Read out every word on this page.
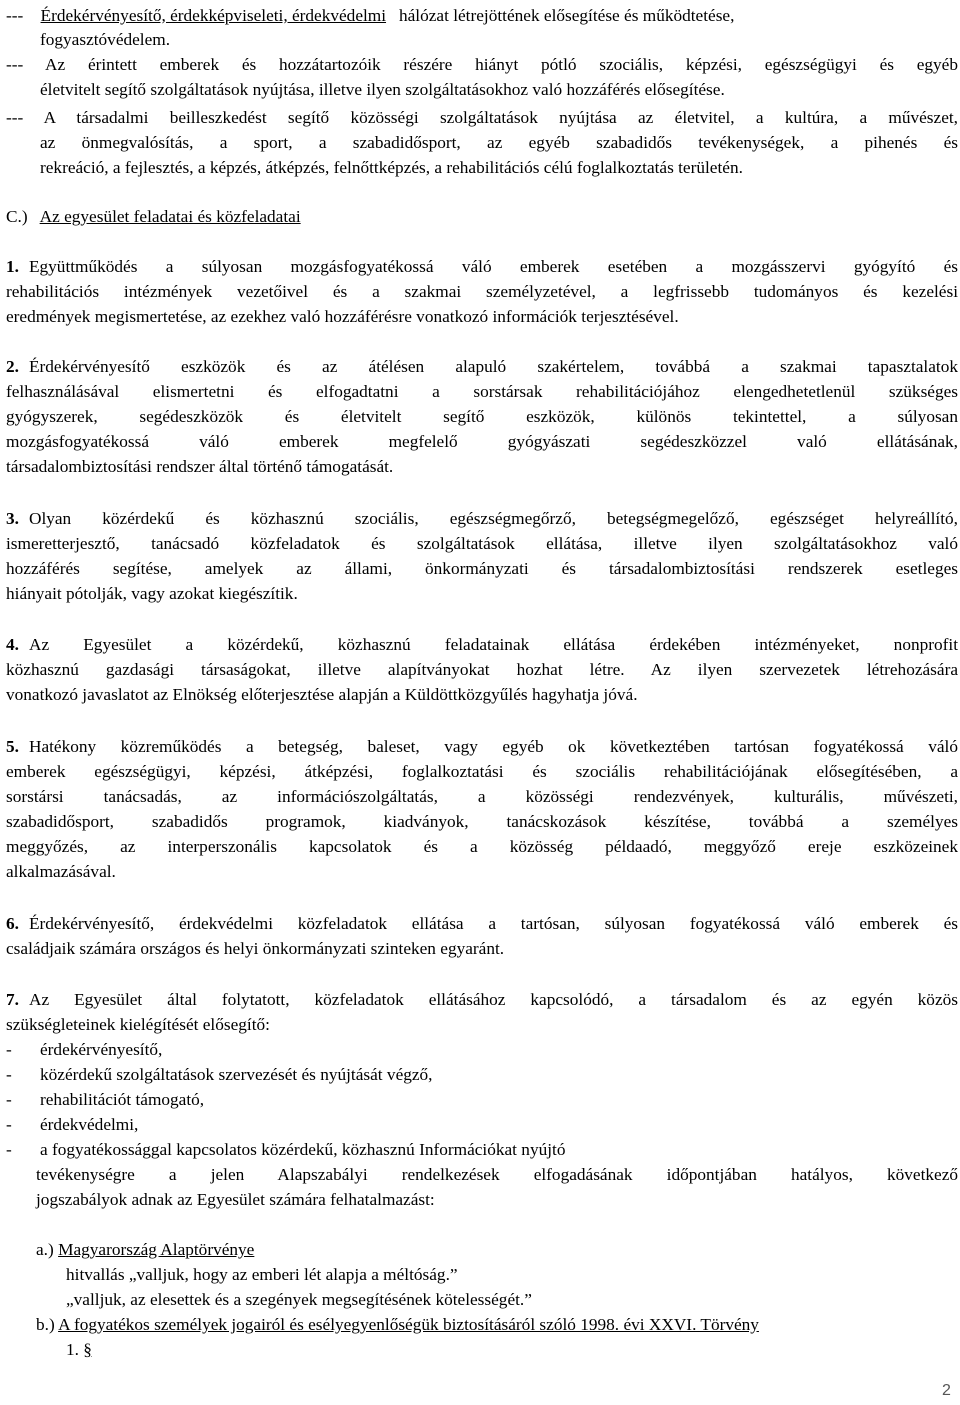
--- Érdekérvényesítő, érdekképviseleti, érdekvédelmi hálózat létrejöttének elősegítése és működtetése,
fogyasztóvédelem.
--- Az érintett emberek és hozzátartozóik részére hiányt pótló szociális, képzési, egészségügyi és egyéb
életvitelt segítő szolgáltatások nyújtása, illetve ilyen szolgáltatásokhoz való hozzáférés elősegítése.
--- A társadalmi beilleszkedést segítő közösségi szolgáltatások nyújtása az életvitel, a kultúra, a művészet,
az önmegvalósítás, a sport, a szabadidősport, az egyéb szabadidős tevékenységek, a pihenés és
rekreáció, a fejlesztés, a képzés, átképzés, felnőttképzés, a rehabilitációs célú foglalkoztatás területén.
C.) Az egyesület feladatai és közfeladatai
1. Együttműködés a súlyosan mozgásfogyatékossá váló emberek esetében a mozgásszervi gyógyító és
rehabilitációs intézmények vezetőivel és a szakmai személyzetével, a legfrissebb tudományos és kezelési
eredmények megismertetése, az ezekhez való hozzáférésre vonatkozó információk terjesztésével.
2. Érdekérvényesítő eszközök és az átélésen alapuló szakértelem, továbbá a szakmai tapasztalatok
felhasználásával elismertetni és elfogadtatni a sorstársak rehabilitációjához elengedhetetlenül szükséges
gyógyszerek, segédeszközök és életvitelt segítő eszközök, különös tekintettel, a súlyosan
mozgásfogyatékossá váló emberek megfelelő gyógyászati segédeszközzel való ellátásának,
társadalombiztosítási rendszer által történő támogatását.
3. Olyan közérdekű és közhasznú szociális, egészségmegőrző, betegségmegelőző, egészséget helyreállító,
ismeretterjesztő, tanácsadó közfeladatok és szolgáltatások ellátása, illetve ilyen szolgáltatásokhoz való
hozzáférés segítése, amelyek az állami, önkormányzati és társadalombiztosítási rendszerek esetleges
hiányait pótolják, vagy azokat kiegészítik.
4. Az Egyesület a közérdekű, közhasznú feladatainak ellátása érdekében intézményeket, nonprofit
közhasznú gazdasági társaságokat, illetve alapítványokat hozhat létre. Az ilyen szervezetek létrehozására
vonatkozó javaslatot az Elnökség előterjesztése alapján a Küldöttközgyűlés hagyhatja jóvá.
5. Hatékony közreműködés a betegség, baleset, vagy egyéb ok következtében tartósan fogyatékossá váló
emberek egészségügyi, képzési, átképzési, foglalkoztatási és szociális rehabilitációjának elősegítésében, a
sorstársi tanácsadás, az információszolgáltatás, a közösségi rendezvények, kulturális, művészeti,
szabadidősport, szabadidős programok, kiadványok, tanácskozások készítése, továbbá a személyes
meggyőzés, az interperszonális kapcsolatok és a közösség példaadó, meggyőző ereje eszközeinek
alkalmazásával.
6. Érdekérvényesítő, érdekvédelmi közfeladatok ellátása a tartósan, súlyosan fogyatékossá váló emberek és
családjaik számára országos és helyi önkormányzati szinteken egyaránt.
7. Az Egyesület által folytatott, közfeladatok ellátásához kapcsolódó, a társadalom és az egyén közös
szükségleteinek kielégítését elősegítő:
- érdekérvényesítő,
- közérdekű szolgáltatások szervezését és nyújtását végző,
- rehabilitációt támogató,
- érdekvédelmi,
- a fogyatékossággal kapcsolatos közérdekű, közhasznú Információkat nyújtó
tevékenységre a jelen Alapszabályi rendelkezések elfogadásának időpontjában hatályos, következő
jogszabályok adnak az Egyesület számára felhatalmazást:
a.) Magyarország Alaptörvénye
hitvallás „valljuk, hogy az emberi lét alapja a méltóság.”
„valljuk, az elesettek és a szegények megsegítésének kötelességét.”
b.) A fogyatékos személyek jogairól és esélyegyenlőségük biztosításáról szóló 1998. évi XXVI. Törvény
1. §
2
